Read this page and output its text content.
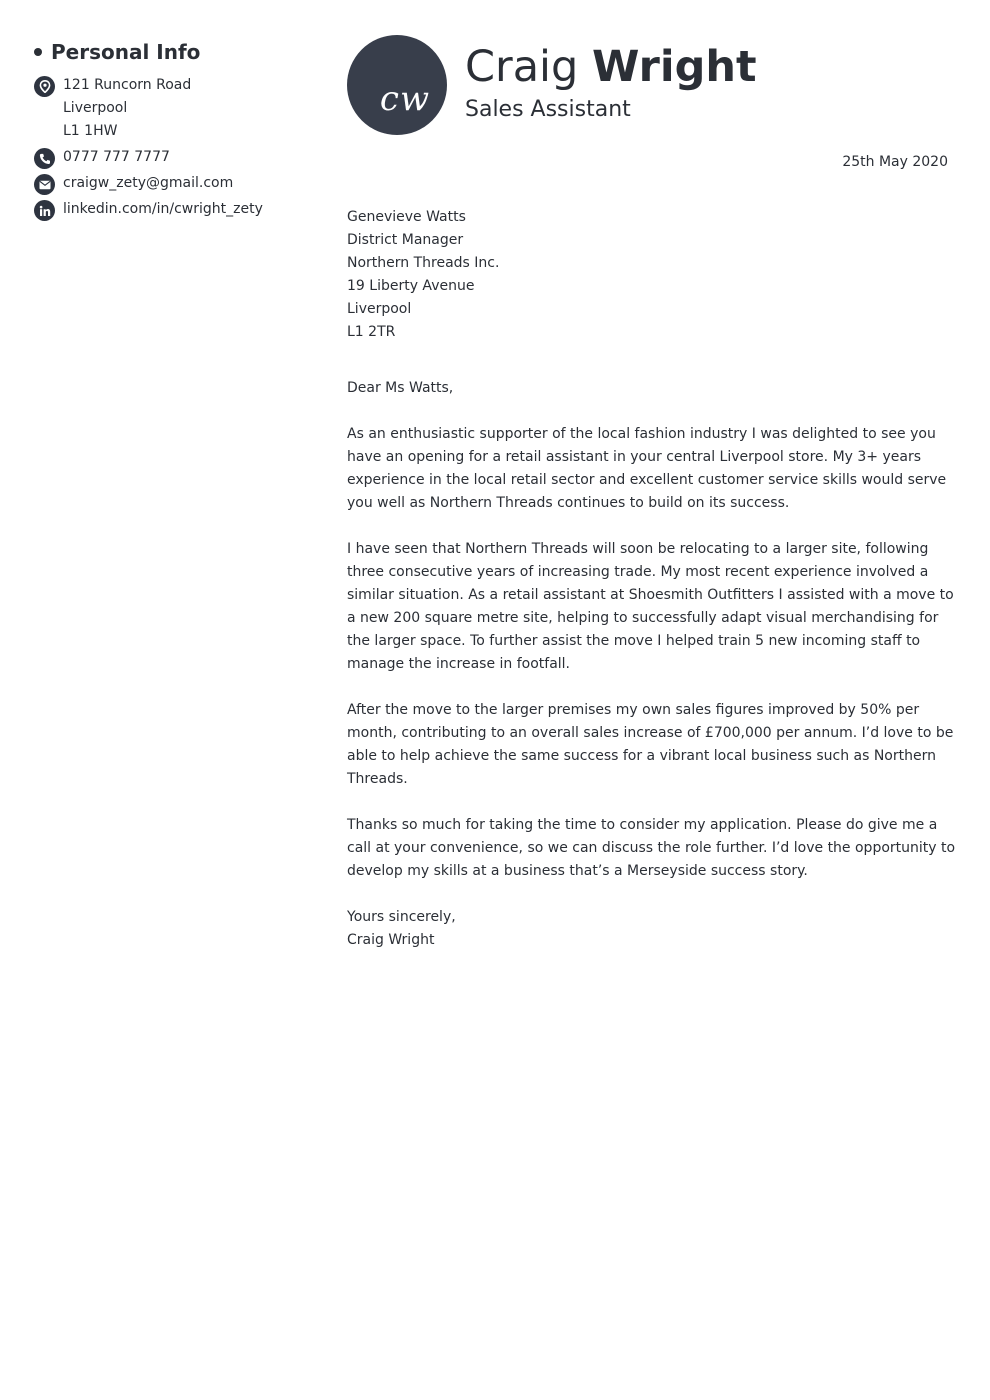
Personal Info
121 Runcorn Road
Liverpool
L1 1HW
0777 777 7777
craigw_zety@gmail.com
linkedin.com/in/cwright_zety
cw
Craig Wright
Sales Assistant
25th May 2020
Genevieve Watts
District Manager
Northern Threads Inc.
19 Liberty Avenue
Liverpool
L1 2TR
Dear Ms Watts,

As an enthusiastic supporter of the local fashion industry I was delighted to see you have an opening for a retail assistant in your central Liverpool store. My 3+ years experience in the local retail sector and excellent customer service skills would serve you well as Northern Threads continues to build on its success.

I have seen that Northern Threads will soon be relocating to a larger site, following three consecutive years of increasing trade. My most recent experience involved a similar situation. As a retail assistant at Shoesmith Outfitters I assisted with a move to a new 200 square metre site, helping to successfully adapt visual merchandising for the larger space. To further assist the move I helped train 5 new incoming staff to manage the increase in footfall.

After the move to the larger premises my own sales figures improved by 50% per month, contributing to an overall sales increase of £700,000 per annum. I’d love to be able to help achieve the same success for a vibrant local business such as Northern Threads.

Thanks so much for taking the time to consider my application. Please do give me a call at your convenience, so we can discuss the role further. I’d love the opportunity to develop my skills at a business that’s a Merseyside success story.

Yours sincerely,
Craig Wright
